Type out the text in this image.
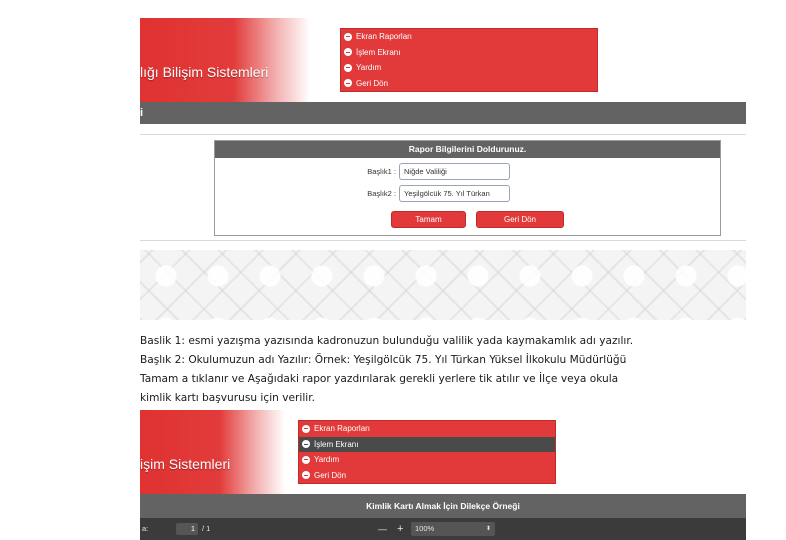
lığı Bilişim Sistemleri
Ekran Raporları
İşlem Ekranı
Yardım
Geri Dön
i
Rapor Bilgilerini Doldurunuz.
Başlık1 :	Niğde Valiliği
Başlık2 :	Yeşilgölcük 75. Yıl Türkan
Tamam	Geri Dön

Baslik 1: esmi yazışma yazısında kadronuzun bulunduğu valilik yada kaymakamlık adı yazılır.

Başlık 2: Okulumuzun adı Yazılır: Örnek: Yeşilgölcük 75. Yıl Türkan Yüksel İlkokulu Müdürlüğü

Tamam a tıklanır ve Aşağıdaki rapor yazdırılarak gerekli yerlere tik atılır ve İlçe veya okula

kimlik kartı başvurusu için verilir.

işim Sistemleri
Ekran Raporları
İşlem Ekranı
Yardım
Geri Dön
Kimlik Kartı Almak İçin Dilekçe Örneği
a:	1 / 1	— +	100%	⬍
